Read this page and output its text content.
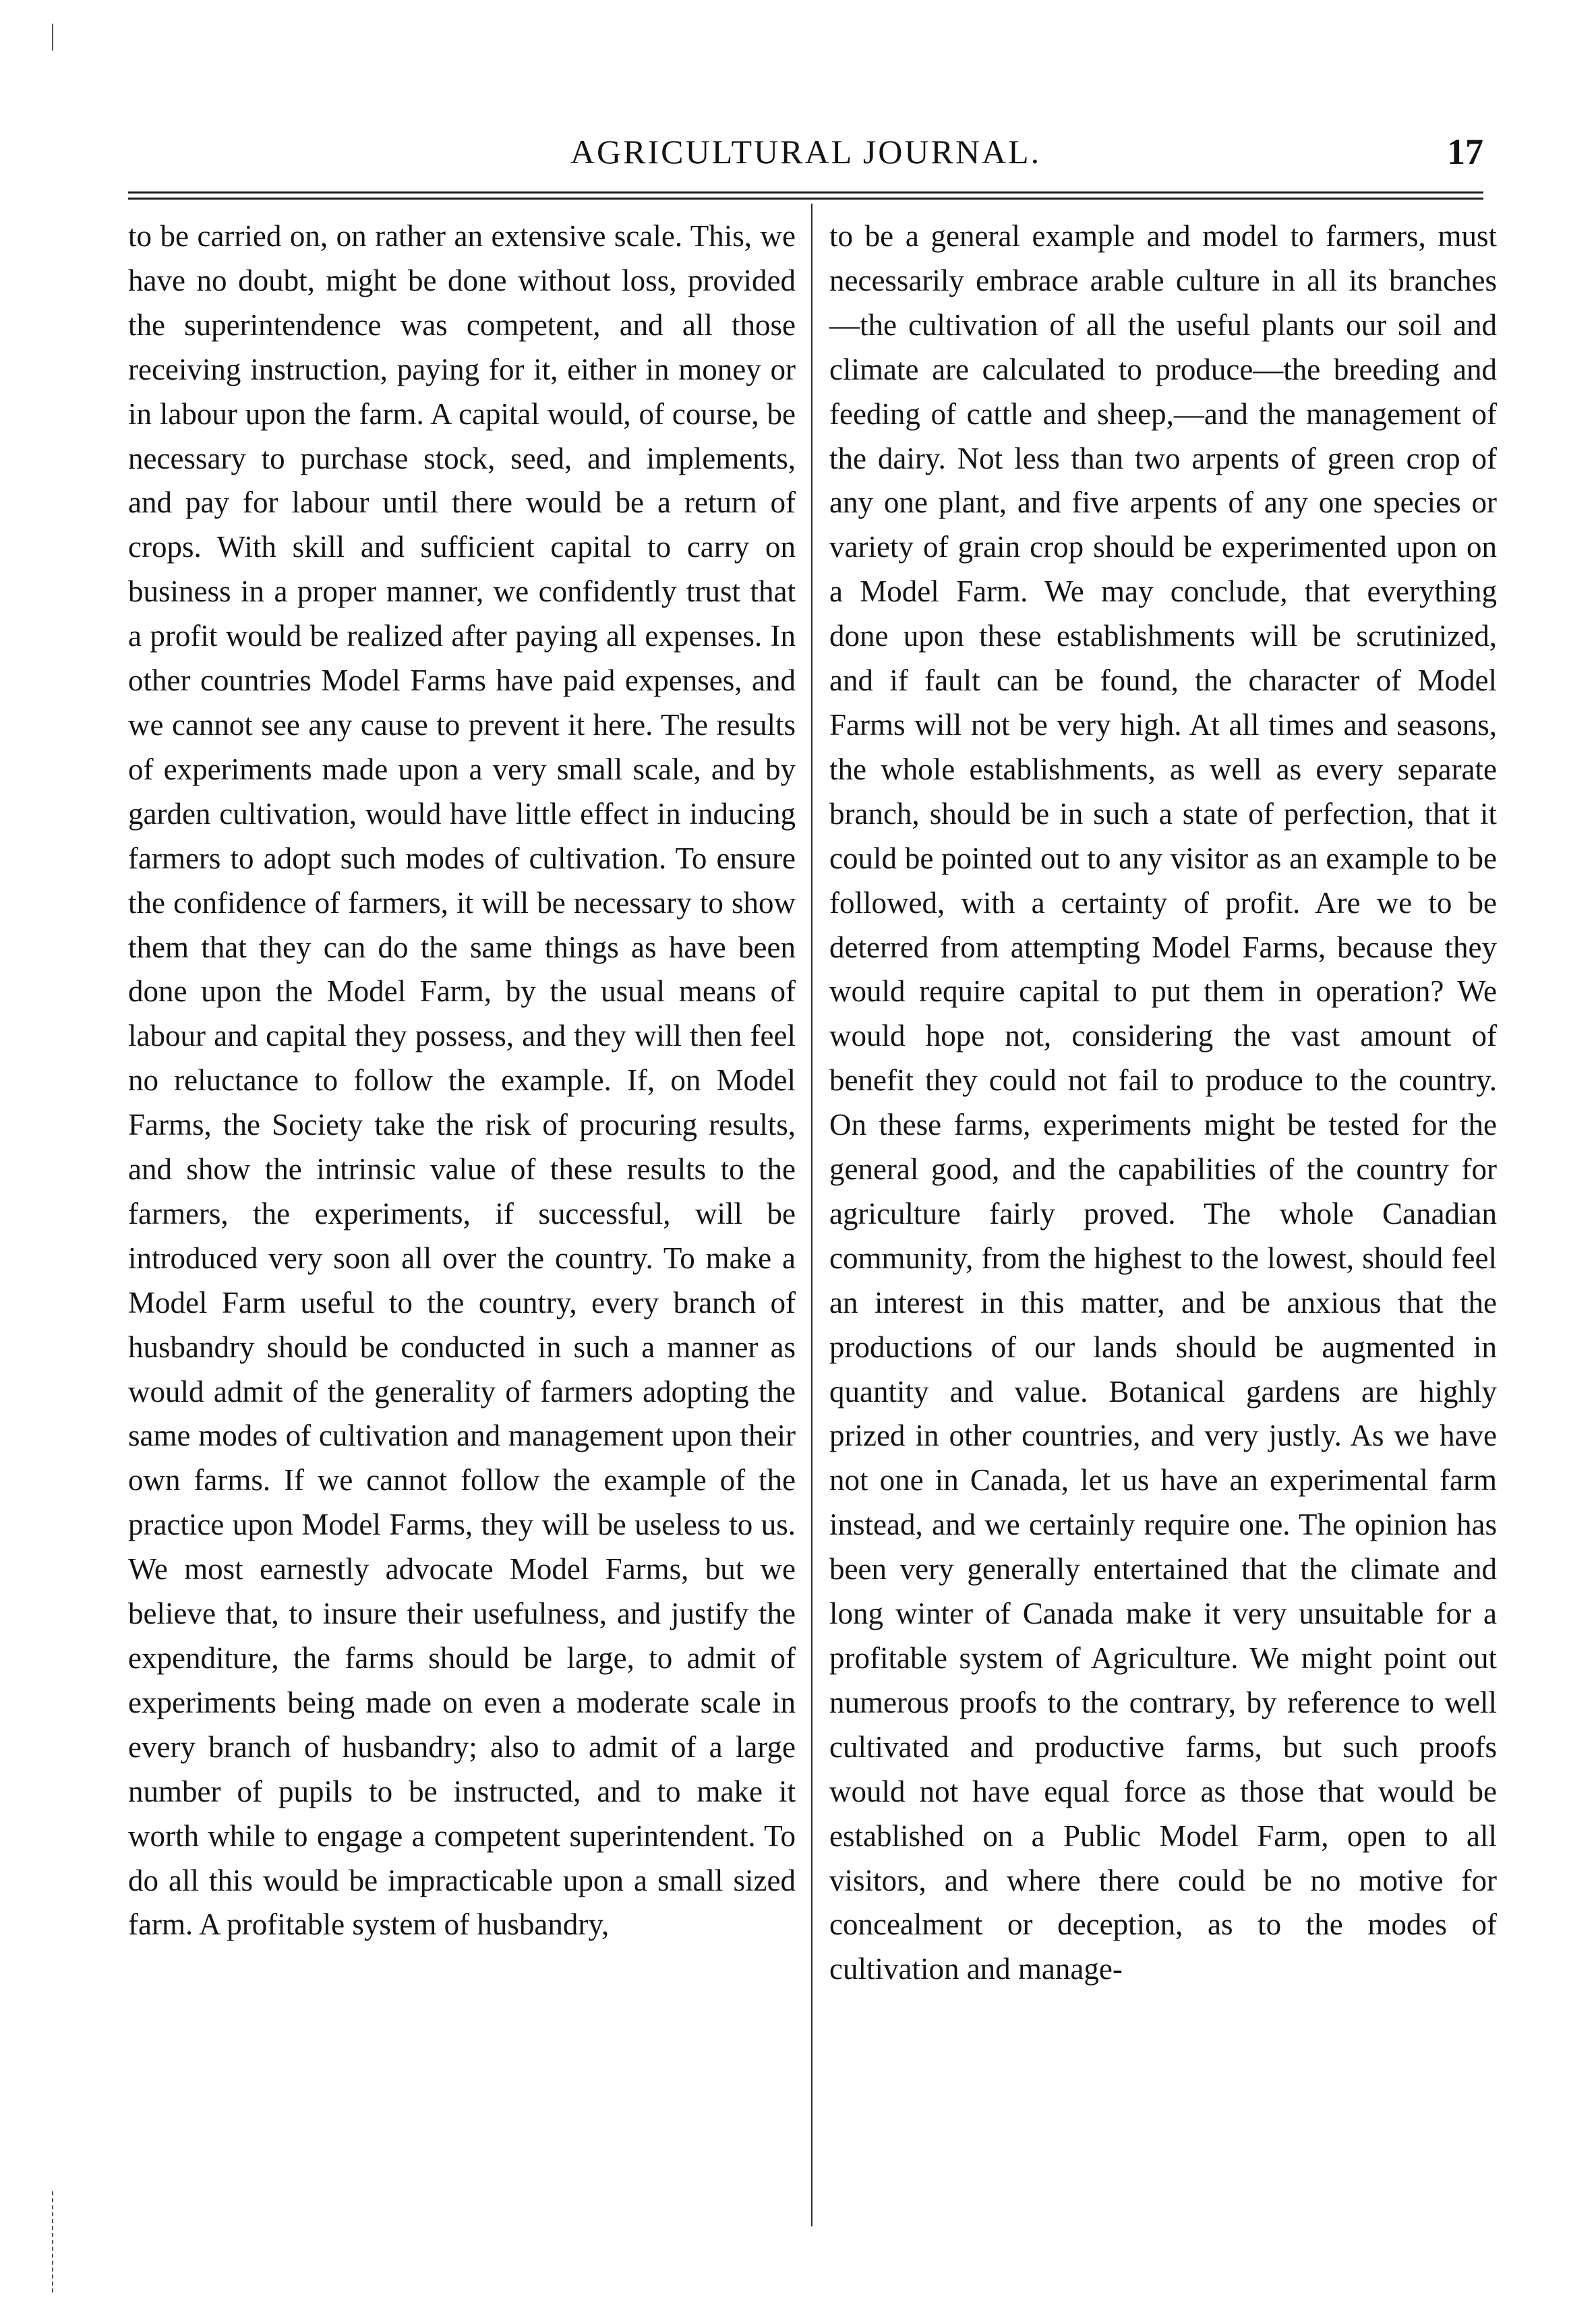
AGRICULTURAL JOURNAL.	17

to be carried on, on rather an extensive scale. This, we have no doubt, might be done without loss, provided the superintendence was competent, and all those receiving instruction, paying for it, either in money or in labour upon the farm. A capital would, of course, be necessary to purchase stock, seed, and implements, and pay for labour until there would be a return of crops. With skill and sufficient capital to carry on business in a proper manner, we confidently trust that a profit would be realized after paying all expenses. In other countries Model Farms have paid expenses, and we cannot see any cause to prevent it here. The results of experiments made upon a very small scale, and by garden cultivation, would have little effect in inducing farmers to adopt such modes of cultivation. To ensure the confidence of farmers, it will be necessary to show them that they can do the same things as have been done upon the Model Farm, by the usual means of labour and capital they possess, and they will then feel no reluctance to follow the example. If, on Model Farms, the Society take the risk of procuring results, and show the intrinsic value of these results to the farmers, the experiments, if successful, will be introduced very soon all over the country. To make a Model Farm useful to the country, every branch of husbandry should be conducted in such a manner as would admit of the generality of farmers adopting the same modes of cultivation and management upon their own farms. If we cannot follow the example of the practice upon Model Farms, they will be useless to us. We most earnestly advocate Model Farms, but we believe that, to insure their usefulness, and justify the expenditure, the farms should be large, to admit of experiments being made on even a moderate scale in every branch of husbandry; also to admit of a large number of pupils to be instructed, and to make it worth while to engage a competent superintendent. To do all this would be impracticable upon a small sized farm. A profitable system of husbandry,

to be a general example and model to farmers, must necessarily embrace arable culture in all its branches—the cultivation of all the useful plants our soil and climate are calculated to produce—the breeding and feeding of cattle and sheep,—and the management of the dairy. Not less than two arpents of green crop of any one plant, and five arpents of any one species or variety of grain crop should be experimented upon on a Model Farm. We may conclude, that everything done upon these establishments will be scrutinized, and if fault can be found, the character of Model Farms will not be very high. At all times and seasons, the whole establishments, as well as every separate branch, should be in such a state of perfection, that it could be pointed out to any visitor as an example to be followed, with a certainty of profit. Are we to be deterred from attempting Model Farms, because they would require capital to put them in operation? We would hope not, considering the vast amount of benefit they could not fail to produce to the country. On these farms, experiments might be tested for the general good, and the capabilities of the country for agriculture fairly proved. The whole Canadian community, from the highest to the lowest, should feel an interest in this matter, and be anxious that the productions of our lands should be augmented in quantity and value. Botanical gardens are highly prized in other countries, and very justly. As we have not one in Canada, let us have an experimental farm instead, and we certainly require one. The opinion has been very generally entertained that the climate and long winter of Canada make it very unsuitable for a profitable system of Agriculture. We might point out numerous proofs to the contrary, by reference to well cultivated and productive farms, but such proofs would not have equal force as those that would be established on a Public Model Farm, open to all visitors, and where there could be no motive for concealment or deception, as to the modes of cultivation and manage-
